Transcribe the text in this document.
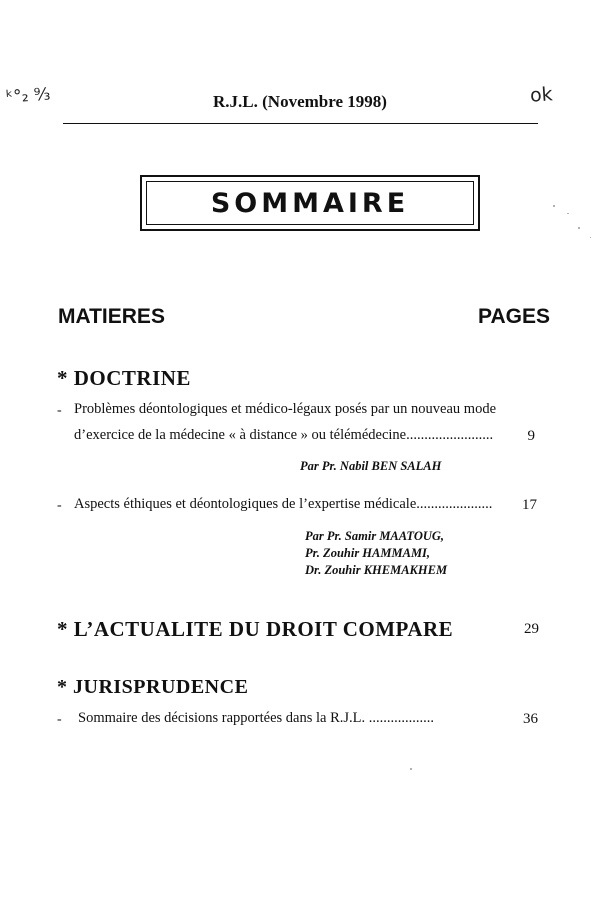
ᵏ°₂ ⁹⁄₃	ok
R.J.L. (Novembre 1998)
SOMMAIRE
MATIERES	PAGES
* DOCTRINE
- Problèmes déontologiques et médico-légaux posés par un nouveau mode
d’exercice de la médecine « à distance » ou télémédecine........................	9
Par Pr. Nabil BEN SALAH
- Aspects éthiques et déontologiques de l’expertise médicale.....................	17
Par Pr. Samir MAATOUG,
Pr. Zouhir HAMMAMI,
Dr. Zouhir KHEMAKHEM
* L’ACTUALITE DU DROIT COMPARE	29
* JURISPRUDENCE
- Sommaire des décisions rapportées dans la R.J.L. ..................	36
